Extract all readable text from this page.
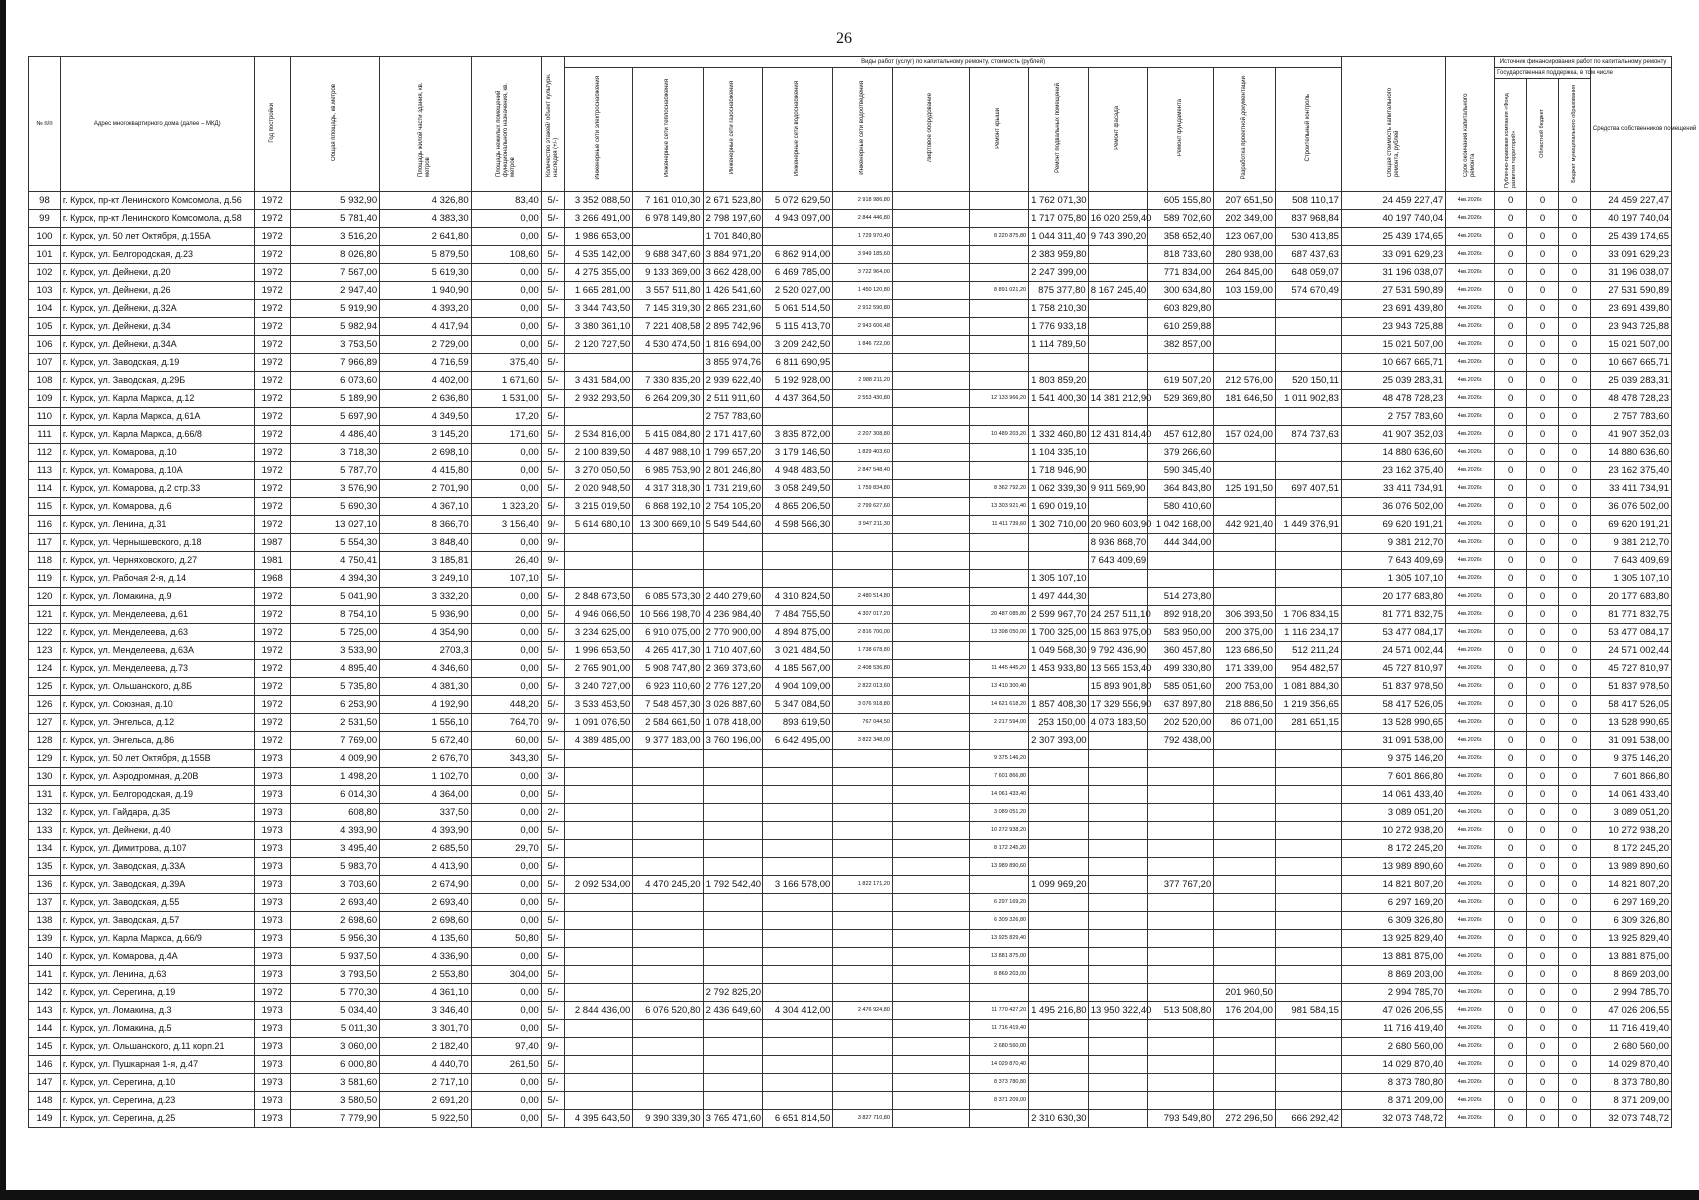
26
№ п/п	Адрес многоквартирного дома (далее – МКД)	Год постройки	Общая площадь, кв.метров	Площадь жилой части здания, кв. метров	Площадь нежилых помещений функционального назначения, кв. метров	Количество этажей/ объект культурн. наследия (+/-)	Виды работ (услуг) по капитальному ремонту, стоимость (рублей)												Общая стоимость капитального ремонта, рублей	Срок окончания капитального ремонта	Источник финансирования работ по капитальному ремонту			
							Инженерные сети электроснабжения	Инженерные сети теплоснабжения	Инженерные сети газоснабжения	Инженерные сети водоснабжения	Инженерные сети водоотведения	Лифтовое оборудование	Ремонт крыши	Ремонт подвальных помещений	Ремонт фасада	Ремонт фундамента	Разработка проектной документации	Строительный контроль			Государственная поддержка, в том числе			Средства собственников помещений
																					Публично-правовая компания «Фонд развития территорий»	Областной бюджет	Бюджет муниципального образования	
98	г. Курск, пр-кт Ленинского Комсомола, д.56	1972	5 932,90	4 326,80	83,40	5/-	3 352 088,50	7 161 010,30	2 671 523,80	5 072 629,50	2 918 986,80			1 762 071,30		605 155,80	207 651,50	508 110,17	24 459 227,47	4кв.2026г.	0	0	0	24 459 227,47
99	г. Курск, пр-кт Ленинского Комсомола, д.58	1972	5 781,40	4 383,30	0,00	5/-	3 266 491,00	6 978 149,80	2 798 197,60	4 943 097,00	2 844 446,80			1 717 075,80	16 020 259,40	589 702,60	202 349,00	837 968,84	40 197 740,04	4кв.2026г.	0	0	0	40 197 740,04
100	г. Курск, ул. 50 лет Октября, д.155А	1972	3 516,20	2 641,80	0,00	5/-	1 986 653,00		1 701 840,80		1 729 970,40		8 220 875,80	1 044 311,40	9 743 390,20	358 652,40	123 067,00	530 413,85	25 439 174,65	4кв.2026г.	0	0	0	25 439 174,65
101	г. Курск, ул. Белгородская, д.23	1972	8 026,80	5 879,50	108,60	5/-	4 535 142,00	9 688 347,60	3 884 971,20	6 862 914,00	3 949 185,60			2 383 959,80		818 733,60	280 938,00	687 437,63	33 091 629,23	4кв.2026г.	0	0	0	33 091 629,23
102	г. Курск, ул. Дейнеки, д.20	1972	7 567,00	5 619,30	0,00	5/-	4 275 355,00	9 133 369,00	3 662 428,00	6 469 785,00	3 722 964,00			2 247 399,00		771 834,00	264 845,00	648 059,07	31 196 038,07	4кв.2026г.	0	0	0	31 196 038,07
103	г. Курск, ул. Дейнеки, д.26	1972	2 947,40	1 940,90	0,00	5/-	1 665 281,00	3 557 511,80	1 426 541,60	2 520 027,00	1 450 120,80		8 891 021,20	875 377,80	8 167 245,40	300 634,80	103 159,00	574 670,49	27 531 590,89	4кв.2026г.	0	0	0	27 531 590,89
104	г. Курск, ул. Дейнеки, д.32А	1972	5 919,90	4 393,20	0,00	5/-	3 344 743,50	7 145 319,30	2 865 231,60	5 061 514,50	2 912 590,80			1 758 210,30		603 829,80			23 691 439,80	4кв.2026г.	0	0	0	23 691 439,80
105	г. Курск, ул. Дейнеки, д.34	1972	5 982,94	4 417,94	0,00	5/-	3 380 361,10	7 221 408,58	2 895 742,96	5 115 413,70	2 943 606,48			1 776 933,18		610 259,88			23 943 725,88	4кв.2026г.	0	0	0	23 943 725,88
106	г. Курск, ул. Дейнеки, д.34А	1972	3 753,50	2 729,00	0,00	5/-	2 120 727,50	4 530 474,50	1 816 694,00	3 209 242,50	1 846 722,00			1 114 789,50		382 857,00			15 021 507,00	4кв.2026г.	0	0	0	15 021 507,00
107	г. Курск, ул. Заводская, д.19	1972	7 966,89	4 716,59	375,40	5/-			3 855 974,76	6 811 690,95									10 667 665,71	4кв.2026г.	0	0	0	10 667 665,71
108	г. Курск, ул. Заводская, д.29Б	1972	6 073,60	4 402,00	1 671,60	5/-	3 431 584,00	7 330 835,20	2 939 622,40	5 192 928,00	2 988 211,20			1 803 859,20		619 507,20	212 576,00	520 150,11	25 039 283,31	4кв.2026г.	0	0	0	25 039 283,31
109	г. Курск, ул. Карла Маркса, д.12	1972	5 189,90	2 636,80	1 531,00	5/-	2 932 293,50	6 264 209,30	2 511 911,60	4 437 364,50	2 553 430,80		12 133 966,20	1 541 400,30	14 381 212,90	529 369,80	181 646,50	1 011 902,83	48 478 728,23	4кв.2026г.	0	0	0	48 478 728,23
110	г. Курск, ул. Карла Маркса, д.61А	1972	5 697,90	4 349,50	17,20	5/-			2 757 783,60										2 757 783,60	4кв.2026г.	0	0	0	2 757 783,60
111	г. Курск, ул. Карла Маркса, д.66/8	1972	4 486,40	3 145,20	171,60	5/-	2 534 816,00	5 415 084,80	2 171 417,60	3 835 872,00	2 207 308,80		10 489 203,20	1 332 460,80	12 431 814,40	457 612,80	157 024,00	874 737,63	41 907 352,03	4кв.2026г.	0	0	0	41 907 352,03
112	г. Курск, ул. Комарова, д.10	1972	3 718,30	2 698,10	0,00	5/-	2 100 839,50	4 487 988,10	1 799 657,20	3 179 146,50	1 829 403,60			1 104 335,10		379 266,60			14 880 636,60	4кв.2026г.	0	0	0	14 880 636,60
113	г. Курск, ул. Комарова, д.10А	1972	5 787,70	4 415,80	0,00	5/-	3 270 050,50	6 985 753,90	2 801 246,80	4 948 483,50	2 847 548,40			1 718 946,90		590 345,40			23 162 375,40	4кв.2026г.	0	0	0	23 162 375,40
114	г. Курск, ул. Комарова, д.2 стр.33	1972	3 576,90	2 701,90	0,00	5/-	2 020 948,50	4 317 318,30	1 731 219,60	3 058 249,50	1 759 834,80		8 362 792,20	1 062 339,30	9 911 569,90	364 843,80	125 191,50	697 407,51	33 411 734,91	4кв.2026г.	0	0	0	33 411 734,91
115	г. Курск, ул. Комарова, д.6	1972	5 690,30	4 367,10	1 323,20	5/-	3 215 019,50	6 868 192,10	2 754 105,20	4 865 206,50	2 799 627,60		13 303 921,40	1 690 019,10		580 410,60			36 076 502,00	4кв.2026г.	0	0	0	36 076 502,00
116	г. Курск, ул. Ленина, д.31	1972	13 027,10	8 366,70	3 156,40	9/-	5 614 680,10	13 300 669,10	5 549 544,60	4 598 566,30	3 947 211,30		11 411 739,60	1 302 710,00	20 960 603,90	1 042 168,00	442 921,40	1 449 376,91	69 620 191,21	4кв.2026г.	0	0	0	69 620 191,21
117	г. Курск, ул. Чернышевского, д.18	1987	5 554,30	3 848,40	0,00	9/-									8 936 868,70	444 344,00			9 381 212,70	4кв.2026г.	0	0	0	9 381 212,70
118	г. Курск, ул. Черняховского, д.27	1981	4 750,41	3 185,81	26,40	9/-									7 643 409,69				7 643 409,69	4кв.2026г.	0	0	0	7 643 409,69
119	г. Курск, ул. Рабочая 2-я, д.14	1968	4 394,30	3 249,10	107,10	5/-								1 305 107,10					1 305 107,10	4кв.2026г.	0	0	0	1 305 107,10
120	г. Курск, ул. Ломакина, д.9	1972	5 041,90	3 332,20	0,00	5/-	2 848 673,50	6 085 573,30	2 440 279,60	4 310 824,50	2 480 514,80			1 497 444,30		514 273,80			20 177 683,80	4кв.2026г.	0	0	0	20 177 683,80
121	г. Курск, ул. Менделеева, д.61	1972	8 754,10	5 936,90	0,00	5/-	4 946 066,50	10 566 198,70	4 236 984,40	7 484 755,50	4 307 017,20		20 487 085,80	2 599 967,70	24 257 511,10	892 918,20	306 393,50	1 706 834,15	81 771 832,75	4кв.2026г.	0	0	0	81 771 832,75
122	г. Курск, ул. Менделеева, д.63	1972	5 725,00	4 354,90	0,00	5/-	3 234 625,00	6 910 075,00	2 770 900,00	4 894 875,00	2 816 700,00		13 398 050,00	1 700 325,00	15 863 975,00	583 950,00	200 375,00	1 116 234,17	53 477 084,17	4кв.2026г.	0	0	0	53 477 084,17
123	г. Курск, ул. Менделеева, д.63А	1972	3 533,90	2703,3	0,00	5/-	1 996 653,50	4 265 417,30	1 710 407,60	3 021 484,50	1 738 678,80			1 049 568,30	9 792 436,90	360 457,80	123 686,50	512 211,24	24 571 002,44	4кв.2026г.	0	0	0	24 571 002,44
124	г. Курск, ул. Менделеева, д.73	1972	4 895,40	4 346,60	0,00	5/-	2 765 901,00	5 908 747,80	2 369 373,60	4 185 567,00	2 408 536,80		11 445 445,20	1 453 933,80	13 565 153,40	499 330,80	171 339,00	954 482,57	45 727 810,97	4кв.2026г.	0	0	0	45 727 810,97
125	г. Курск, ул. Ольшанского, д.8Б	1972	5 735,80	4 381,30	0,00	5/-	3 240 727,00	6 923 110,60	2 776 127,20	4 904 109,00	2 822 013,60		13 410 300,40		15 893 901,80	585 051,60	200 753,00	1 081 884,30	51 837 978,50	4кв.2026г.	0	0	0	51 837 978,50
126	г. Курск, ул. Союзная, д.10	1972	6 253,90	4 192,90	448,20	5/-	3 533 453,50	7 548 457,30	3 026 887,60	5 347 084,50	3 076 918,80		14 621 618,20	1 857 408,30	17 329 556,90	637 897,80	218 886,50	1 219 356,65	58 417 526,05	4кв.2026г.	0	0	0	58 417 526,05
127	г. Курск, ул. Энгельса, д.12	1972	2 531,50	1 556,10	764,70	9/-	1 091 076,50	2 584 661,50	1 078 418,00	893 619,50	767 044,50		2 217 594,00	253 150,00	4 073 183,50	202 520,00	86 071,00	281 651,15	13 528 990,65	4кв.2026г.	0	0	0	13 528 990,65
128	г. Курск, ул. Энгельса, д.86	1972	7 769,00	5 672,40	60,00	5/-	4 389 485,00	9 377 183,00	3 760 196,00	6 642 495,00	3 822 348,00			2 307 393,00		792 438,00			31 091 538,00	4кв.2026г.	0	0	0	31 091 538,00
129	г. Курск, ул. 50 лет Октября, д.155В	1973	4 009,90	2 676,70	343,30	5/-							9 375 146,20						9 375 146,20	4кв.2026г.	0	0	0	9 375 146,20
130	г. Курск, ул. Аэродромная, д.20В	1973	1 498,20	1 102,70	0,00	3/-							7 601 866,80						7 601 866,80	4кв.2026г.	0	0	0	7 601 866,80
131	г. Курск, ул. Белгородская, д.19	1973	6 014,30	4 364,00	0,00	5/-							14 061 433,40						14 061 433,40	4кв.2026г.	0	0	0	14 061 433,40
132	г. Курск, ул. Гайдара, д.35	1973	608,80	337,50	0,00	2/-							3 089 051,20						3 089 051,20	4кв.2026г.	0	0	0	3 089 051,20
133	г. Курск, ул. Дейнеки, д.40	1973	4 393,90	4 393,90	0,00	5/-							10 272 938,20						10 272 938,20	4кв.2026г.	0	0	0	10 272 938,20
134	г. Курск, ул. Димитрова, д.107	1973	3 495,40	2 685,50	29,70	5/-							8 172 245,20						8 172 245,20	4кв.2026г.	0	0	0	8 172 245,20
135	г. Курск, ул. Заводская, д.33А	1973	5 983,70	4 413,90	0,00	5/-							13 989 890,60						13 989 890,60	4кв.2026г.	0	0	0	13 989 890,60
136	г. Курск, ул. Заводская, д.39А	1973	3 703,60	2 674,90	0,00	5/-	2 092 534,00	4 470 245,20	1 792 542,40	3 166 578,00	1 822 171,20			1 099 969,20		377 767,20			14 821 807,20	4кв.2026г.	0	0	0	14 821 807,20
137	г. Курск, ул. Заводская, д.55	1973	2 693,40	2 693,40	0,00	5/-							6 297 169,20						6 297 169,20	4кв.2026г.	0	0	0	6 297 169,20
138	г. Курск, ул. Заводская, д.57	1973	2 698,60	2 698,60	0,00	5/-							6 309 326,80						6 309 326,80	4кв.2026г.	0	0	0	6 309 326,80
139	г. Курск, ул. Карла Маркса, д.66/9	1973	5 956,30	4 135,60	50,80	5/-							13 925 829,40						13 925 829,40	4кв.2026г.	0	0	0	13 925 829,40
140	г. Курск, ул. Комарова, д.4А	1973	5 937,50	4 336,90	0,00	5/-							13 881 875,00						13 881 875,00	4кв.2026г.	0	0	0	13 881 875,00
141	г. Курск, ул. Ленина, д.63	1973	3 793,50	2 553,80	304,00	5/-							8 869 203,00						8 869 203,00	4кв.2026г.	0	0	0	8 869 203,00
142	г. Курск, ул. Серегина, д.19	1972	5 770,30	4 361,10	0,00	5/-			2 792 825,20								201 960,50		2 994 785,70	4кв.2026г.	0	0	0	2 994 785,70
143	г. Курск, ул. Ломакина, д.3	1973	5 034,40	3 346,40	0,00	5/-	2 844 436,00	6 076 520,80	2 436 649,60	4 304 412,00	2 476 924,80		11 770 427,20	1 495 216,80	13 950 322,40	513 508,80	176 204,00	981 584,15	47 026 206,55	4кв.2026г.	0	0	0	47 026 206,55
144	г. Курск, ул. Ломакина, д.5	1973	5 011,30	3 301,70	0,00	5/-							11 716 419,40						11 716 419,40	4кв.2026г.	0	0	0	11 716 419,40
145	г. Курск, ул. Ольшанского, д.11 корп.21	1973	3 060,00	2 182,40	97,40	9/-							2 680 560,00						2 680 560,00	4кв.2026г.	0	0	0	2 680 560,00
146	г. Курск, ул. Пушкарная 1-я, д.47	1973	6 000,80	4 440,70	261,50	5/-							14 029 870,40						14 029 870,40	4кв.2026г.	0	0	0	14 029 870,40
147	г. Курск, ул. Серегина, д.10	1973	3 581,60	2 717,10	0,00	5/-							8 373 780,80						8 373 780,80	4кв.2026г.	0	0	0	8 373 780,80
148	г. Курск, ул. Серегина, д.23	1973	3 580,50	2 691,20	0,00	5/-							8 371 209,00						8 371 209,00	4кв.2026г.	0	0	0	8 371 209,00
149	г. Курск, ул. Серегина, д.25	1973	7 779,90	5 922,50	0,00	5/-	4 395 643,50	9 390 339,30	3 765 471,60	6 651 814,50	3 827 710,80			2 310 630,30		793 549,80	272 296,50	666 292,42	32 073 748,72	4кв.2026г.	0	0	0	32 073 748,72
